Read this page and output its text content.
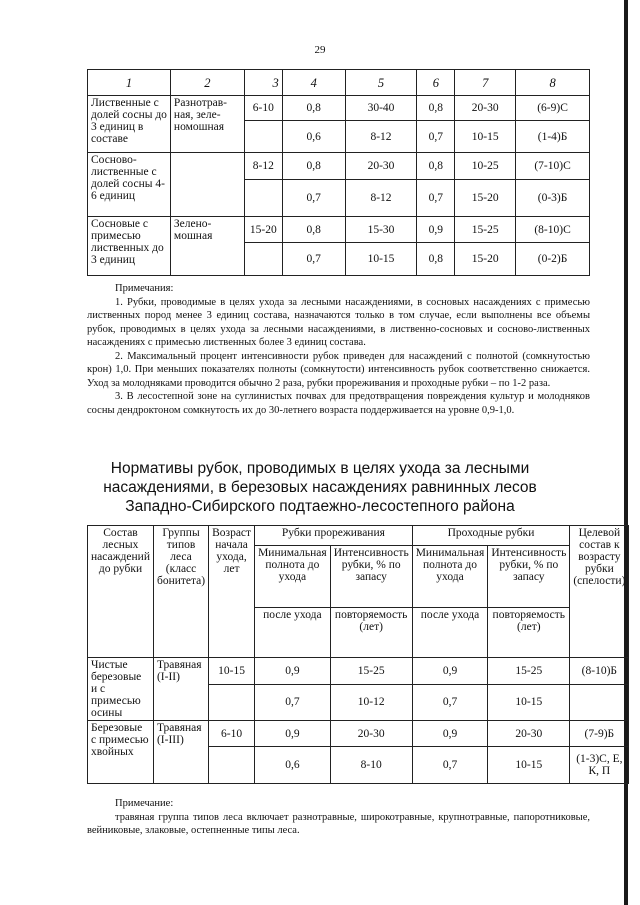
29
1	2	3	4	5	6	7	8
Лиственные с долей сосны до 3 единиц в составе	Разнотрав-ная, зеле-номошная	6-10	0,8	30-40	0,8	20-30	(6-9)С
			0,6	8-12	0,7	10-15	(1-4)Б
Сосново-лиственные с долей сосны 4-6 единиц		8-12	0,8	20-30	0,8	10-25	(7-10)С
			0,7	8-12	0,7	15-20	(0-3)Б
Сосновые с примесью лиственных до 3 единиц	Зелено-мошная	15-20	0,8	15-30	0,9	15-25	(8-10)С
			0,7	10-15	0,8	15-20	(0-2)Б

Примечания:

1. Рубки, проводимые в целях ухода за лесными насаждениями, в сосновых насаждениях с примесью лиственных пород менее 3 единиц состава, назначаются только в том случае, если выполнены все объемы рубок, проводимых в целях ухода за лесными насаждениями, в лиственно-сосновых и сосново-лиственных насаждениях с примесью лиственных более 3 единиц состава.

2. Максимальный процент интенсивности рубок приведен для насаждений с полнотой (сомкнутостью крон) 1,0. При меньших показателях полноты (сомкнутости) интенсивность рубок соответственно снижается. Уход за молодняками проводится обычно 2 раза, рубки прореживания и проходные рубки – по 1-2 раза.

3. В лесостепной зоне на суглинистых почвах для предотвращения повреждения культур и молодняков сосны дендроктоном сомкнутость их до 30-летнего возраста поддерживается на уровне 0,9-1,0.

Нормативы рубок, проводимых в целях ухода за лесными насаждениями, в березовых насаждениях равнинных лесов Западно-Сибирского подтаежно-лесостепного района
Состав лесных насаждений до рубки	Группы типов леса (класс бонитета)	Возраст начала ухода, лет	Рубки прореживания		Проходные рубки		Целевой состав к возрасту рубки (спелости)
			Минимальная полнота до ухода	Интенсивность рубки, % по запасу	Минимальная полнота до ухода	Интенсивность рубки, % по запасу	
			после ухода	повторяемость (лет)	после ухода	повторяемость (лет)	
Чистые березовые и с примесью осины	Травяная (I-II)	10-15	0,9	15-25	0,9	15-25	(8-10)Б
			0,7	10-12	0,7	10-15	
Березовые с примесью хвойных	Травяная (I-III)	6-10	0,9	20-30	0,9	20-30	(7-9)Б
			0,6	8-10	0,7	10-15	(1-3)С, Е, К, П

Примечание:

травяная группа типов леса включает разнотравные, широкотравные, крупнотравные, папоротниковые, вейниковые, злаковые, остепненные типы леса.
